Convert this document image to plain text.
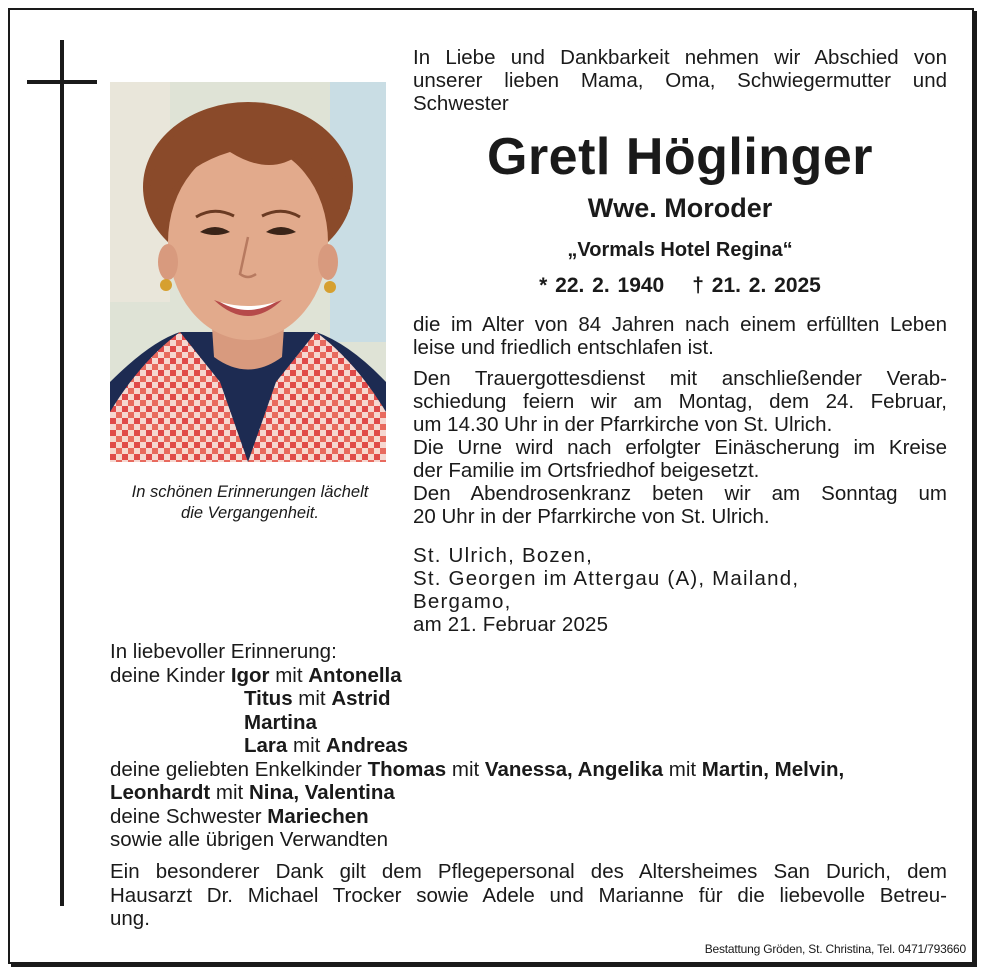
In schönen Erinnerungen lächelt
die Vergangenheit.
In Liebe und Dankbarkeit nehmen wir Abschied von
unserer lieben Mama, Oma, Schwiegermutter und
Schwester
Gretl Höglinger
Wwe. Moroder
„Vormals Hotel Regina“
* 22. 2. 1940 † 21. 2. 2025
die im Alter von 84 Jahren nach einem erfüllten Leben
leise und friedlich entschlafen ist.
Den Trauergottesdienst mit anschließender Verab-
schiedung feiern wir am Montag, dem 24. Februar,
um 14.30 Uhr in der Pfarrkirche von St. Ulrich.
Die Urne wird nach erfolgter Einäscherung im Kreise
der Familie im Ortsfriedhof beigesetzt.
Den Abendrosenkranz beten wir am Sonntag um
20 Uhr in der Pfarrkirche von St. Ulrich.
St. Ulrich, Bozen,
St. Georgen im Attergau (A), Mailand,
Bergamo,
am 21. Februar 2025
In liebevoller Erinnerung:
deine Kinder Igor mit Antonella
Titus mit Astrid
Martina
Lara mit Andreas
deine geliebten Enkelkinder Thomas mit Vanessa, Angelika mit Martin, Melvin,
Leonhardt mit Nina, Valentina
deine Schwester Mariechen
sowie alle übrigen Verwandten
Ein besonderer Dank gilt dem Pflegepersonal des Altersheimes San Durich, dem
Hausarzt Dr. Michael Trocker sowie Adele und Marianne für die liebevolle Betreu-
ung.
Bestattung Gröden, St. Christina, Tel. 0471/793660
